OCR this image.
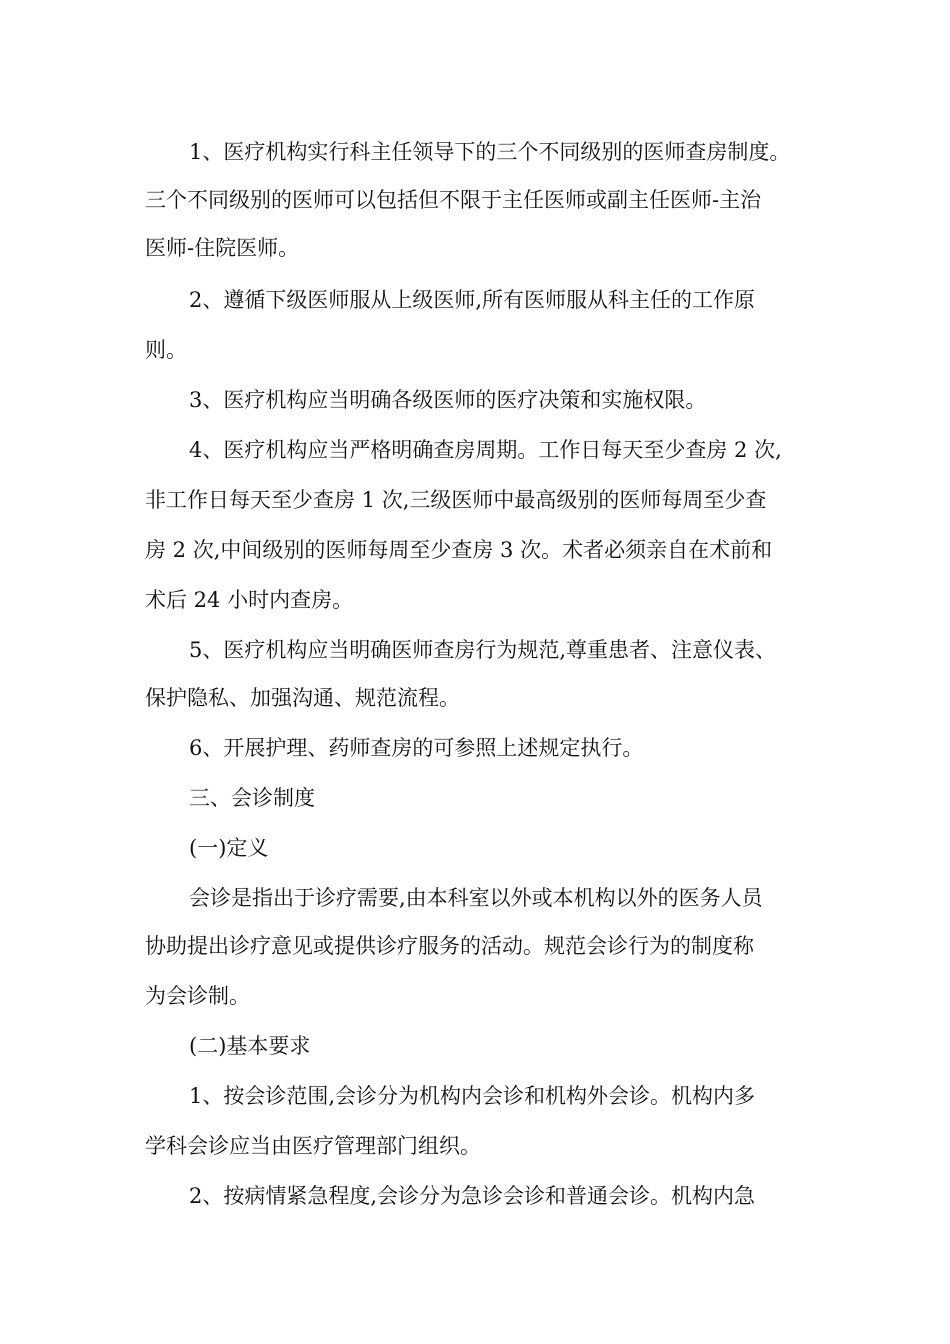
1、医疗机构实行科主任领导下的三个不同级别的医师查房制度。
三个不同级别的医师可以包括但不限于主任医师或副主任医师-主治
医师-住院医师。
2、遵循下级医师服从上级医师,所有医师服从科主任的工作原
则。
3、医疗机构应当明确各级医师的医疗决策和实施权限。
4、医疗机构应当严格明确查房周期。工作日每天至少查房 2 次,
非工作日每天至少查房 1 次,三级医师中最高级别的医师每周至少查
房 2 次,中间级别的医师每周至少查房 3 次。术者必须亲自在术前和
术后 24 小时内查房。
5、医疗机构应当明确医师查房行为规范,尊重患者、注意仪表、
保护隐私、加强沟通、规范流程。
6、开展护理、药师查房的可参照上述规定执行。
三、会诊制度
(一)定义
会诊是指出于诊疗需要,由本科室以外或本机构以外的医务人员
协助提出诊疗意见或提供诊疗服务的活动。规范会诊行为的制度称
为会诊制。
(二)基本要求
1、按会诊范围,会诊分为机构内会诊和机构外会诊。机构内多
学科会诊应当由医疗管理部门组织。
2、按病情紧急程度,会诊分为急诊会诊和普通会诊。机构内急
